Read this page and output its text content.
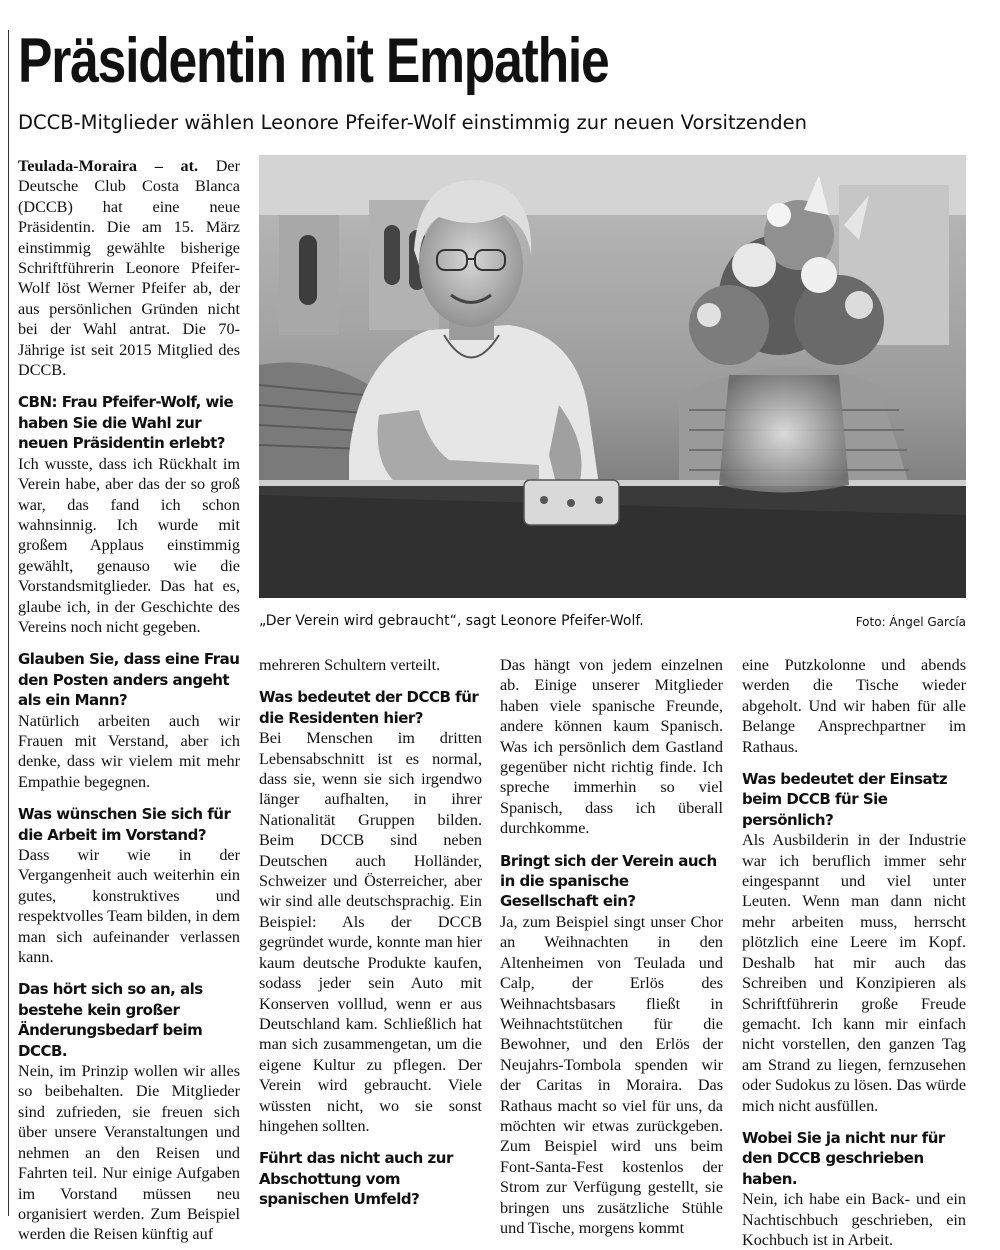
Präsidentin mit Empathie

DCCB-Mitglieder wählen Leonore Pfeifer-Wolf einstimmig zur neuen Vorsitzenden

Teulada-Moraira – at. Der Deutsche Club Costa Blanca (DCCB) hat eine neue Präsidentin. Die am 15. März einstimmig gewählte bisherige Schriftführerin Leonore Pfeifer-Wolf löst Werner Pfeifer ab, der aus persönlichen Gründen nicht bei der Wahl antrat. Die 70-Jährige ist seit 2015 Mitglied des DCCB.

CBN: Frau Pfeifer-Wolf, wie haben Sie die Wahl zur neuen Präsidentin erlebt?

Ich wusste, dass ich Rückhalt im Verein habe, aber das der so groß war, das fand ich schon wahnsinnig. Ich wurde mit großem Applaus einstimmig gewählt, genauso wie die Vorstandsmitglieder. Das hat es, glaube ich, in der Geschichte des Vereins noch nicht gegeben.

Glauben Sie, dass eine Frau den Posten anders angeht als ein Mann?

Natürlich arbeiten auch wir Frauen mit Verstand, aber ich denke, dass wir vielem mit mehr Empathie begegnen.

Was wünschen Sie sich für die Arbeit im Vorstand?

Dass wir wie in der Vergangenheit auch weiterhin ein gutes, konstruktives und respektvolles Team bilden, in dem man sich aufeinander verlassen kann.

Das hört sich so an, als bestehe kein großer Änderungsbedarf beim DCCB.

Nein, im Prinzip wollen wir alles so beibehalten. Die Mitglieder sind zufrieden, sie freuen sich über unsere Veranstaltungen und nehmen an den Reisen und Fahrten teil. Nur einige Aufgaben im Vorstand müssen neu organisiert werden. Zum Beispiel werden die Reisen künftig auf

„Der Verein wird gebraucht“, sagt Leonore Pfeifer-Wolf.	Foto: Ángel García

mehreren Schultern verteilt.

Was bedeutet der DCCB für die Residenten hier?

Bei Menschen im dritten Lebensabschnitt ist es normal, dass sie, wenn sie sich irgendwo länger aufhalten, in ihrer Nationalität Gruppen bilden. Beim DCCB sind neben Deutschen auch Holländer, Schweizer und Österreicher, aber wir sind alle deutschsprachig. Ein Beispiel: Als der DCCB gegründet wurde, konnte man hier kaum deutsche Produkte kaufen, sodass jeder sein Auto mit Konserven volllud, wenn er aus Deutschland kam. Schließlich hat man sich zusammengetan, um die eigene Kultur zu pflegen. Der Verein wird gebraucht. Viele wüssten nicht, wo sie sonst hingehen sollten.

Führt das nicht auch zur Abschottung vom spanischen Umfeld?

Das hängt von jedem einzelnen ab. Einige unserer Mitglieder haben viele spanische Freunde, andere können kaum Spanisch. Was ich persönlich dem Gastland gegenüber nicht richtig finde. Ich spreche immerhin so viel Spanisch, dass ich überall durchkomme.

Bringt sich der Verein auch in die spanische Gesellschaft ein?

Ja, zum Beispiel singt unser Chor an Weihnachten in den Altenheimen von Teulada und Calp, der Erlös des Weihnachtsbasars fließt in Weihnachtstütchen für die Bewohner, und den Erlös der Neujahrs-Tombola spenden wir der Caritas in Moraira. Das Rathaus macht so viel für uns, da möchten wir etwas zurückgeben. Zum Beispiel wird uns beim Font-Santa-Fest kostenlos der Strom zur Verfügung gestellt, sie bringen uns zusätzliche Stühle und Tische, morgens kommt

eine Putzkolonne und abends werden die Tische wieder abgeholt. Und wir haben für alle Belange Ansprechpartner im Rathaus.

Was bedeutet der Einsatz beim DCCB für Sie persönlich?

Als Ausbilderin in der Industrie war ich beruflich immer sehr eingespannt und viel unter Leuten. Wenn man dann nicht mehr arbeiten muss, herrscht plötzlich eine Leere im Kopf. Deshalb hat mir auch das Schreiben und Konzipieren als Schriftführerin große Freude gemacht. Ich kann mir einfach nicht vorstellen, den ganzen Tag am Strand zu liegen, fernzusehen oder Sudokus zu lösen. Das würde mich nicht ausfüllen.

Wobei Sie ja nicht nur für den DCCB geschrieben haben.

Nein, ich habe ein Back- und ein Nachtischbuch geschrieben, ein Kochbuch ist in Arbeit.
